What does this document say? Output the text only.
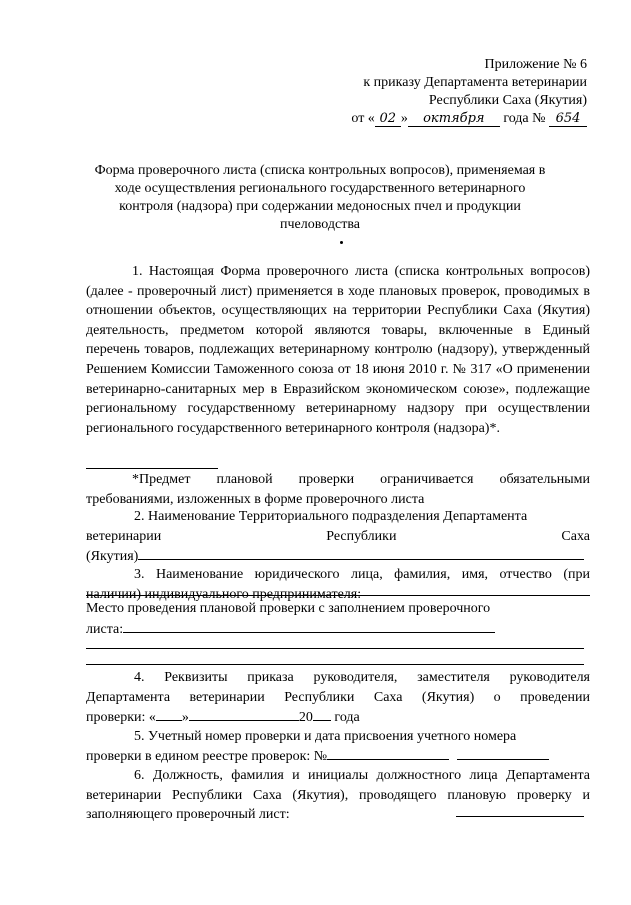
Приложение № 6
к приказу Департамента ветеринарии
Республики Саха (Якутия)
от « 02 » октября года № 654
Форма проверочного листа (списка контрольных вопросов), применяемая в
ходе осуществления регионального государственного ветеринарного
контроля (надзора) при содержании медоносных пчел и продукции
пчеловодства
1. Настоящая Форма проверочного листа (списка контрольных вопросов) (далее - проверочный лист) применяется в ходе плановых проверок, проводимых в отношении объектов, осуществляющих на территории Республики Саха (Якутия) деятельность, предметом которой являются товары, включенные в Единый перечень товаров, подлежащих ветеринарному контролю (надзору), утвержденный Решением Комиссии Таможенного союза от 18 июня 2010 г. № 317 «О применении ветеринарно-санитарных мер в Евразийском экономическом союзе», подлежащие региональному государственному ветеринарному надзору при осуществлении регионального государственного ветеринарного контроля (надзора)*.
*Предмет плановой проверки ограничивается обязательными требованиями, изложенных в форме проверочного листа
2. Наименование Территориального подразделения Департамента
ветеринарии	Республики	Саха
(Якутия)
3. Наименование юридического лица, фамилия, имя, отчество (при
Место проведения плановой проверки с заполнением проверочного
листа:
4. Реквизиты приказа руководителя, заместителя руководителя Департамента ветеринарии Республики Саха (Якутия) о проведении
проверки: « »	20 года
5. Учетный номер проверки и дата присвоения учетного номера
проверки в едином реестре проверок: №
6. Должность, фамилия и инициалы должностного лица Департамента ветеринарии Республики Саха (Якутия), проводящего плановую проверку и заполняющего проверочный лист:
